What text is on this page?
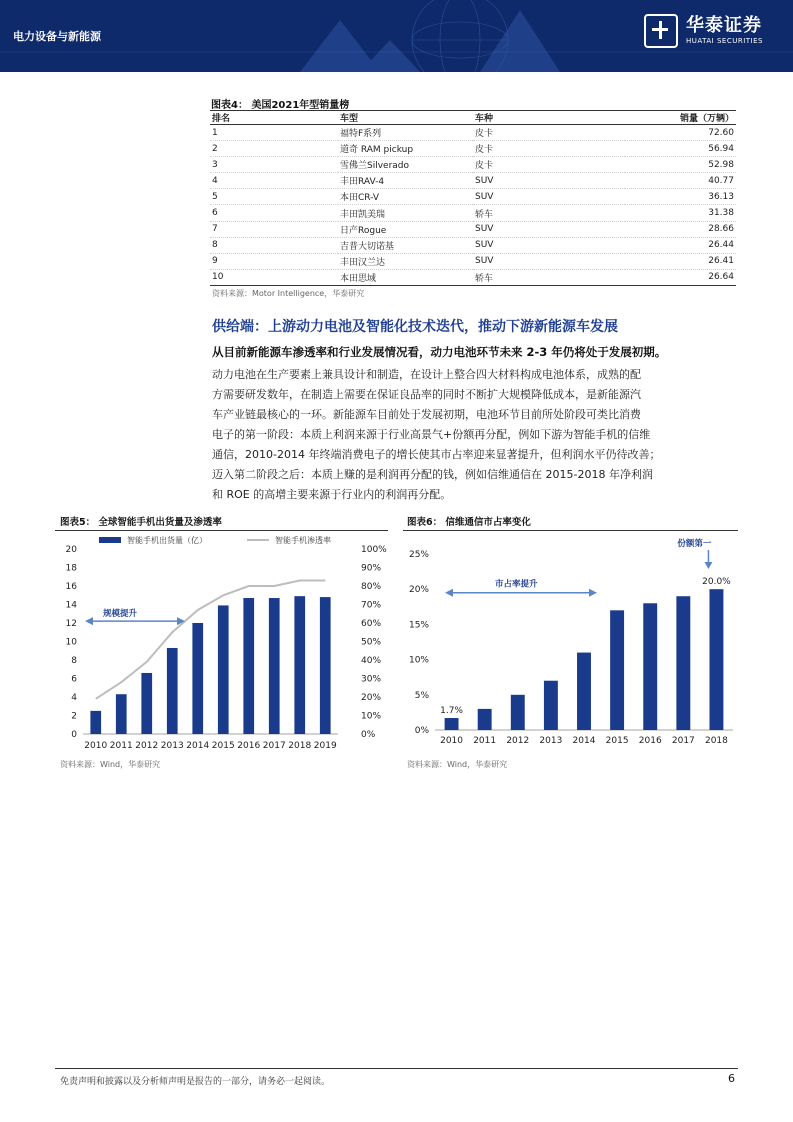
电力设备与新能源
华泰证券
HUATAI SECURITIES
图表4： 美国2021年型销量榜
排名	车型	车种	销量（万辆）
1	福特F系列	皮卡	72.60
2	道奇 RAM pickup	皮卡	56.94
3	雪佛兰Silverado	皮卡	52.98
4	丰田RAV-4	SUV	40.77
5	本田CR-V	SUV	36.13
6	丰田凯美瑞	轿车	31.38
7	日产Rogue	SUV	28.66
8	吉普大切诺基	SUV	26.44
9	丰田汉兰达	SUV	26.41
10	本田思域	轿车	26.64
资料来源：Motor Intelligence，华泰研究
供给端：上游动力电池及智能化技术迭代，推动下游新能源车发展
从目前新能源车渗透率和行业发展情况看，动力电池环节未来 2-3 年仍将处于发展初期。
动力电池在生产要素上兼具设计和制造，在设计上整合四大材料构成电池体系，成熟的配
方需要研发数年，在制造上需要在保证良品率的同时不断扩大规模降低成本，是新能源汽
车产业链最核心的一环。新能源车目前处于发展初期，电池环节目前所处阶段可类比消费
电子的第一阶段：本质上利润来源于行业高景气+份额再分配，例如下游为智能手机的信维
通信，2010-2014 年终端消费电子的增长使其市占率迎来显著提升，但利润水平仍待改善；
迈入第二阶段之后：本质上赚的是利润再分配的钱，例如信维通信在 2015-2018 年净利润
和 ROE 的高增主要来源于行业内的利润再分配。
图表5： 全球智能手机出货量及渗透率
0
2
4
6
8
10
12
14
16
18
20
0%
10%
20%
30%
40%
50%
60%
70%
80%
90%
100%
2010 2011 2012 2013 2014 2015 2016 2017 2018 2019
智能手机出货量（亿）	智能手机渗透率
规模提升
资料来源：Wind，华泰研究
图表6： 信维通信市占率变化
0%
5%
10%
15%
20%
25%
2010
1.7%
2011 2012 2013 2014 2015 2016 2017 2018
20.0%
市占率提升
份额第一
资料来源：Wind，华泰研究
免责声明和披露以及分析师声明是报告的一部分，请务必一起阅读。	6
